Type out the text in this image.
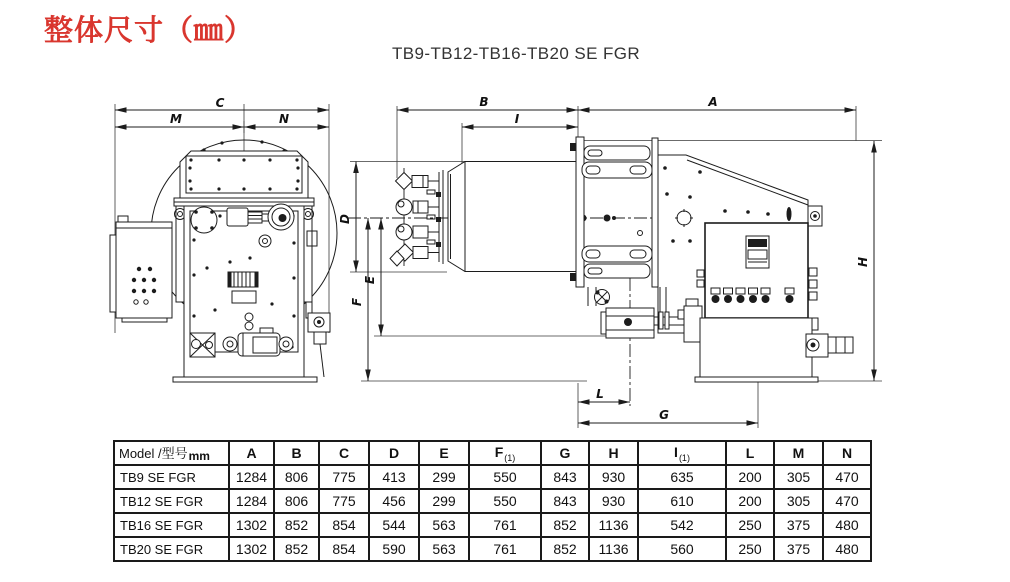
整体尺寸（㎜）
TB9-TB12-TB16-TB20 SE FGR
C
M	N
B
I
A
H
D
E
F
L
G
Model /型号mm	A	B	C	D	E	$F_{(1)}$	G	H	$I_{(1)}$	L	M	N
TB9 SE FGR	1284	806	775	413	299	550	843	930	635	200	305	470
TB12 SE FGR	1284	806	775	456	299	550	843	930	610	200	305	470
TB16 SE FGR	1302	852	854	544	563	761	852	1136	542	250	375	480
TB20 SE FGR	1302	852	854	590	563	761	852	1136	560	250	375	480
